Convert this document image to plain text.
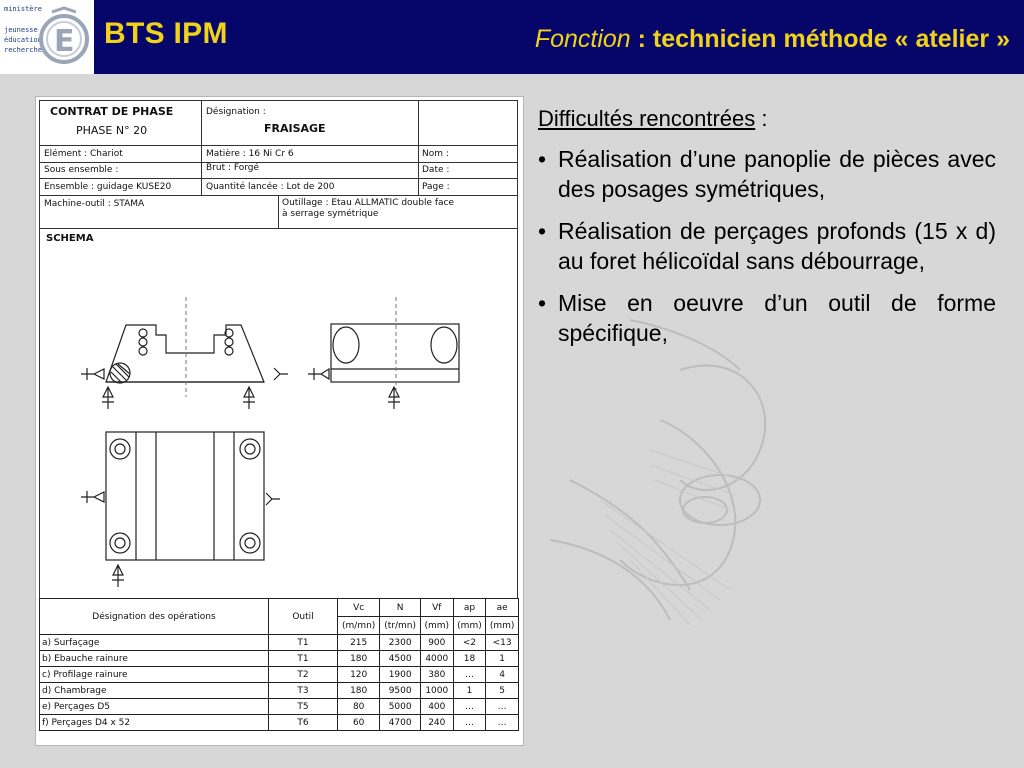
ministère
jeunesse
éducation
recherche E BTS IPM	Fonction : technicien méthode « atelier »
CONTRAT DE PHASE
PHASE N° 20
Désignation :
FRAISAGE
Elément : Chariot	Matière : 16 Ni Cr 6	Nom :
Sous ensemble :	Brut : Forgé	Date :
Ensemble : guidage KUSE20	Quantité lancée : Lot de 200	Page :
Machine-outil : STAMA	Outillage : Etau ALLMATIC double face
à serrage symétrique
SCHEMA
Désignation des opérations	Outil	Vc	N	Vf	ap	ae
		(m/mn)	(tr/mn)	(mm)	(mm)	(mm)
a) Surfaçage	T1	215	2300	900	<2	<13
b) Ebauche rainure	T1	180	4500	4000	18	1
c) Profilage rainure	T2	120	1900	380	…	4
d) Chambrage	T3	180	9500	1000	1	5
e) Perçages D5	T5	80	5000	400	…	…
f) Perçages D4 x 52	T6	60	4700	240	…	…
Difficultés rencontrées :
• Réalisation d’une panoplie de pièces avec des posages symétriques,
• Réalisation de perçages profonds (15 x d) au foret hélicoïdal sans débourrage,
• Mise en oeuvre d’un outil de forme spécifique,
